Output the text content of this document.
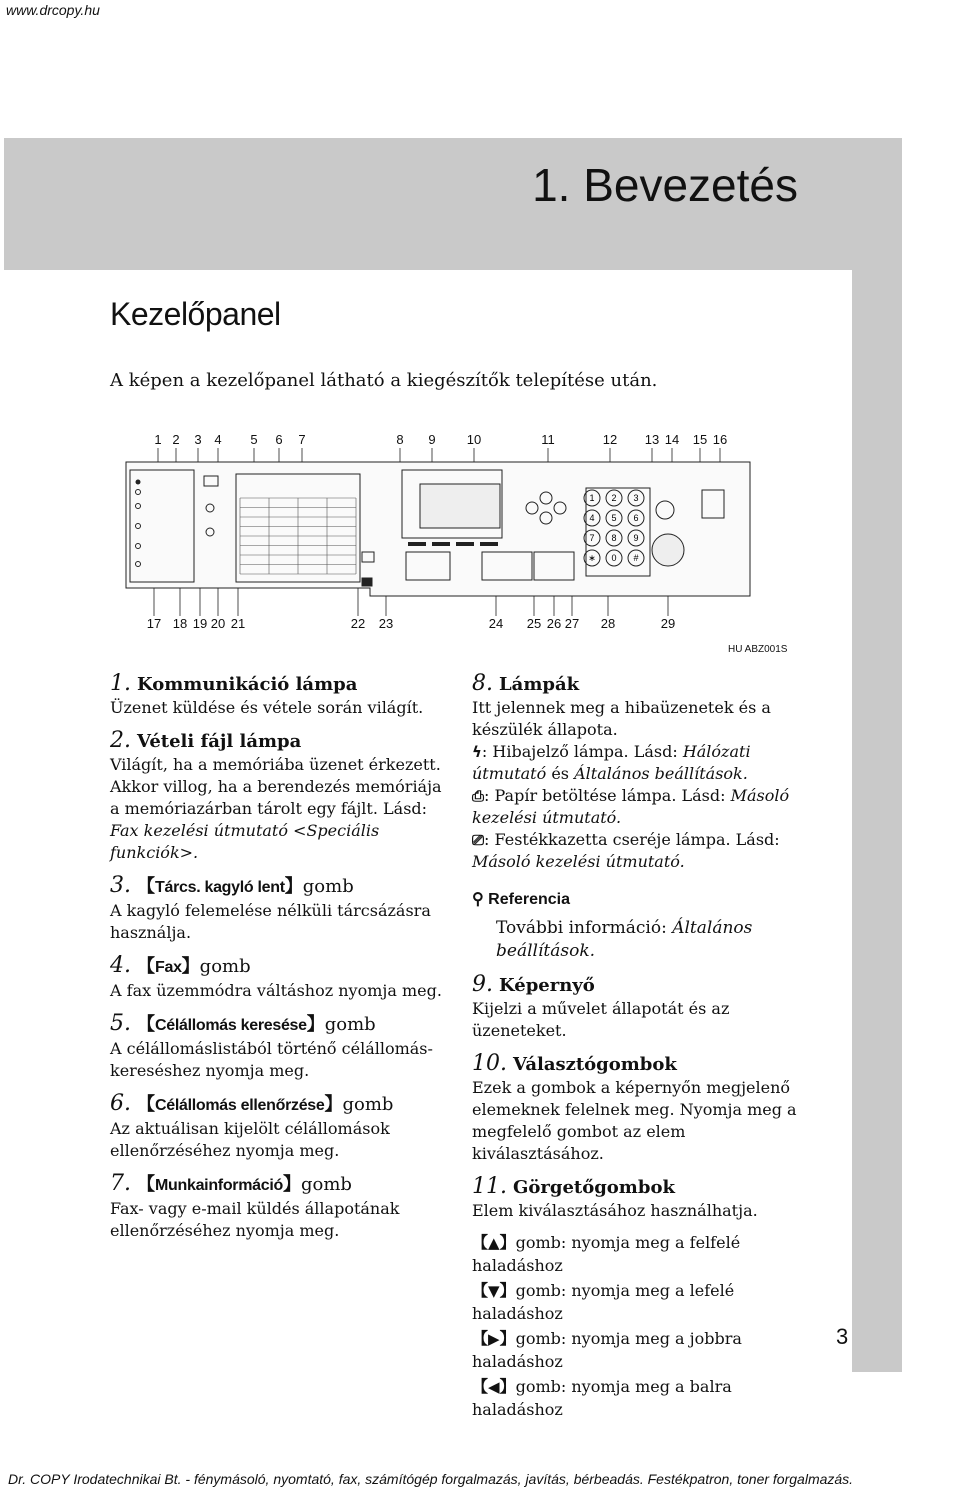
www.drcopy.hu
1. Bevezetés
3
Kezelőpanel
A képen a kezelőpanel látható a kiegészítők telepítése után.
1 2 3 4 5 6 7	8 9 10	11	12 13 14 15 16
17 18 19 20 21	22 23	24 25 26 27 28	29
1 2 3
4 5 6
7 8 9
∗ 0 #
HU ABZ001S
1. Kommunikáció lámpa
Üzenet küldése és vétele során világít.
2. Vételi fájl lámpa
Világít, ha a memóriába üzenet érkezett. Akkor villog, ha a berendezés memóriája a memóriazárban tárolt egy fájlt. Lásd: Fax kezelési útmutató <Speciális funkciók>.
3. 【Tárcs. kagyló lent】gomb
A kagyló felemelése nélküli tárcsázásra használja.
4. 【Fax】gomb
A fax üzemmódra váltáshoz nyomja meg.
5. 【Célállomás keresése】gomb
A célállomáslistából történő célállomáskereséshez nyomja meg.
6. 【Célállomás ellenőrzése】gomb
Az aktuálisan kijelölt célállomások ellenőrzéséhez nyomja meg.
7. 【Munkainformáció】gomb
Fax- vagy e-mail küldés állapotának ellenőrzéséhez nyomja meg.
8. Lámpák
Itt jelennek meg a hibaüzenetek és a készülék állapota.
ϟ: Hibajelző lámpa. Lásd: Hálózati útmutató és Általános beállítások.
⎙: Papír betöltése lámpa. Lásd: Másoló kezelési útmutató.
⎚: Festékkazetta cseréje lámpa. Lásd: Másoló kezelési útmutató.
⚲ Referencia
További információ: Általános beállítások.
9. Képernyő
Kijelzi a művelet állapotát és az üzeneteket.
10. Választógombok
Ezek a gombok a képernyőn megjelenő elemeknek felelnek meg. Nyomja meg a megfelelő gombot az elem kiválasztásához.
11. Görgetőgombok
Elem kiválasztásához használhatja.
【▲】gomb: nyomja meg a felfelé haladáshoz
【▼】gomb: nyomja meg a lefelé haladáshoz
【▶】gomb: nyomja meg a jobbra haladáshoz
【◀】gomb: nyomja meg a balra haladáshoz
Dr. COPY Irodatechnikai Bt. - fénymásoló, nyomtató, fax, számítógép forgalmazás, javítás, bérbeadás. Festékpatron, toner forgalmazás.
